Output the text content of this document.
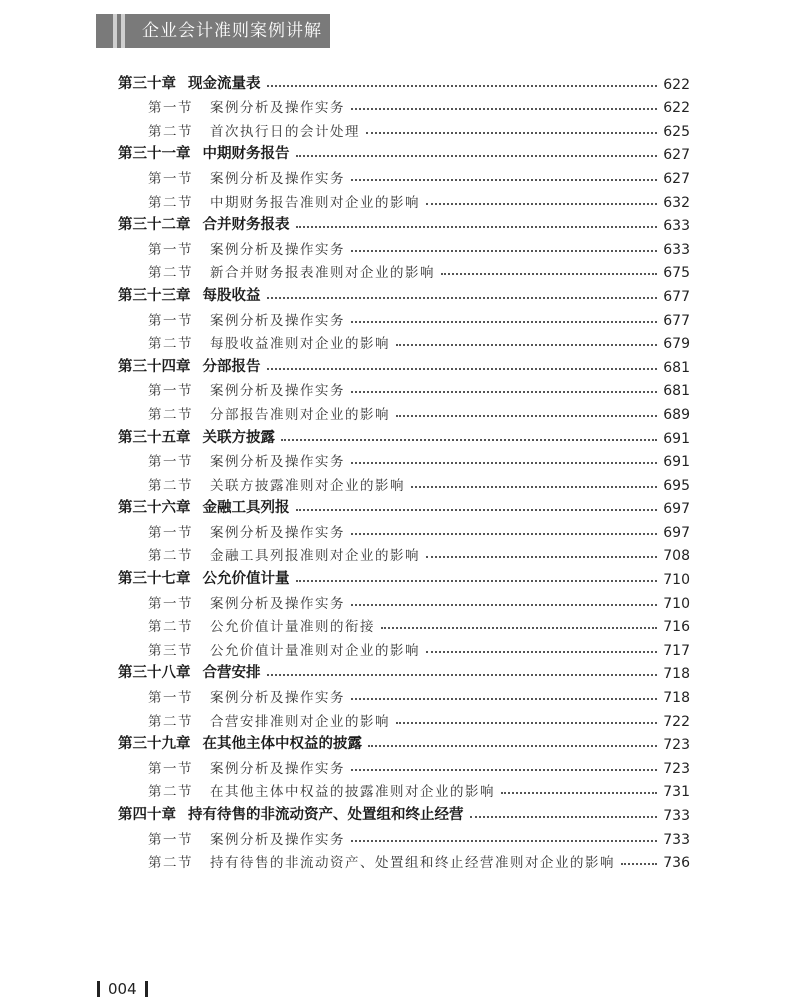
企业会计准则案例讲解
第三十章 现金流量表	622
第一节	案例分析及操作实务	622
第二节	首次执行日的会计处理	625
第三十一章 中期财务报告	627
第一节	案例分析及操作实务	627
第二节	中期财务报告准则对企业的影响	632
第三十二章 合并财务报表	633
第一节	案例分析及操作实务	633
第二节	新合并财务报表准则对企业的影响	675
第三十三章 每股收益	677
第一节	案例分析及操作实务	677
第二节	每股收益准则对企业的影响	679
第三十四章 分部报告	681
第一节	案例分析及操作实务	681
第二节	分部报告准则对企业的影响	689
第三十五章 关联方披露	691
第一节	案例分析及操作实务	691
第二节	关联方披露准则对企业的影响	695
第三十六章 金融工具列报	697
第一节	案例分析及操作实务	697
第二节	金融工具列报准则对企业的影响	708
第三十七章 公允价值计量	710
第一节	案例分析及操作实务	710
第二节	公允价值计量准则的衔接	716
第三节	公允价值计量准则对企业的影响	717
第三十八章 合营安排	718
第一节	案例分析及操作实务	718
第二节	合营安排准则对企业的影响	722
第三十九章 在其他主体中权益的披露	723
第一节	案例分析及操作实务	723
第二节	在其他主体中权益的披露准则对企业的影响	731
第四十章 持有待售的非流动资产、处置组和终止经营	733
第一节	案例分析及操作实务	733
第二节	持有待售的非流动资产、处置组和终止经营准则对企业的影响	736
004
